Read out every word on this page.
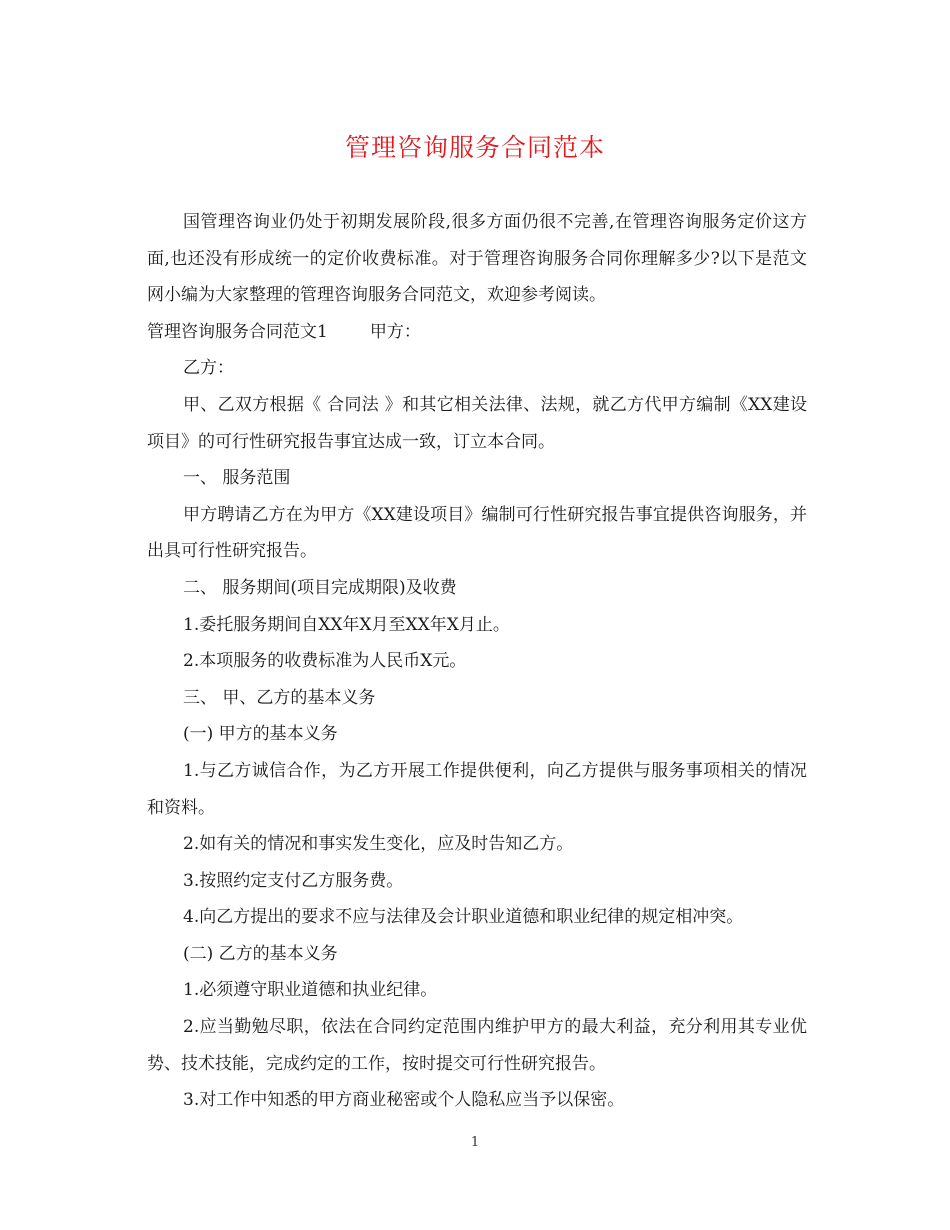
管理咨询服务合同范本

国管理咨询业仍处于初期发展阶段,很多方面仍很不完善,在管理咨询服务定价这方面,也还没有形成统一的定价收费标准。对于管理咨询服务合同你理解多少?以下是范文网小编为大家整理的管理咨询服务合同范文，欢迎参考阅读。

管理咨询服务合同范文1 甲方：

乙方：

甲、乙双方根据《 合同法 》和其它相关法律、法规，就乙方代甲方编制《XX建设项目》的可行性研究报告事宜达成一致，订立本合同。

一、 服务范围

甲方聘请乙方在为甲方《XX建设项目》编制可行性研究报告事宜提供咨询服务，并出具可行性研究报告。

二、 服务期间(项目完成期限)及收费

1.委托服务期间自XX年X月至XX年X月止。

2.本项服务的收费标准为人民币X元。

三、 甲、乙方的基本义务

(一) 甲方的基本义务

1.与乙方诚信合作，为乙方开展工作提供便利，向乙方提供与服务事项相关的情况和资料。

2.如有关的情况和事实发生变化，应及时告知乙方。

3.按照约定支付乙方服务费。

4.向乙方提出的要求不应与法律及会计职业道德和职业纪律的规定相冲突。

(二) 乙方的基本义务

1.必须遵守职业道德和执业纪律。

2.应当勤勉尽职，依法在合同约定范围内维护甲方的最大利益，充分利用其专业优势、技术技能，完成约定的工作，按时提交可行性研究报告。

3.对工作中知悉的甲方商业秘密或个人隐私应当予以保密。

1
